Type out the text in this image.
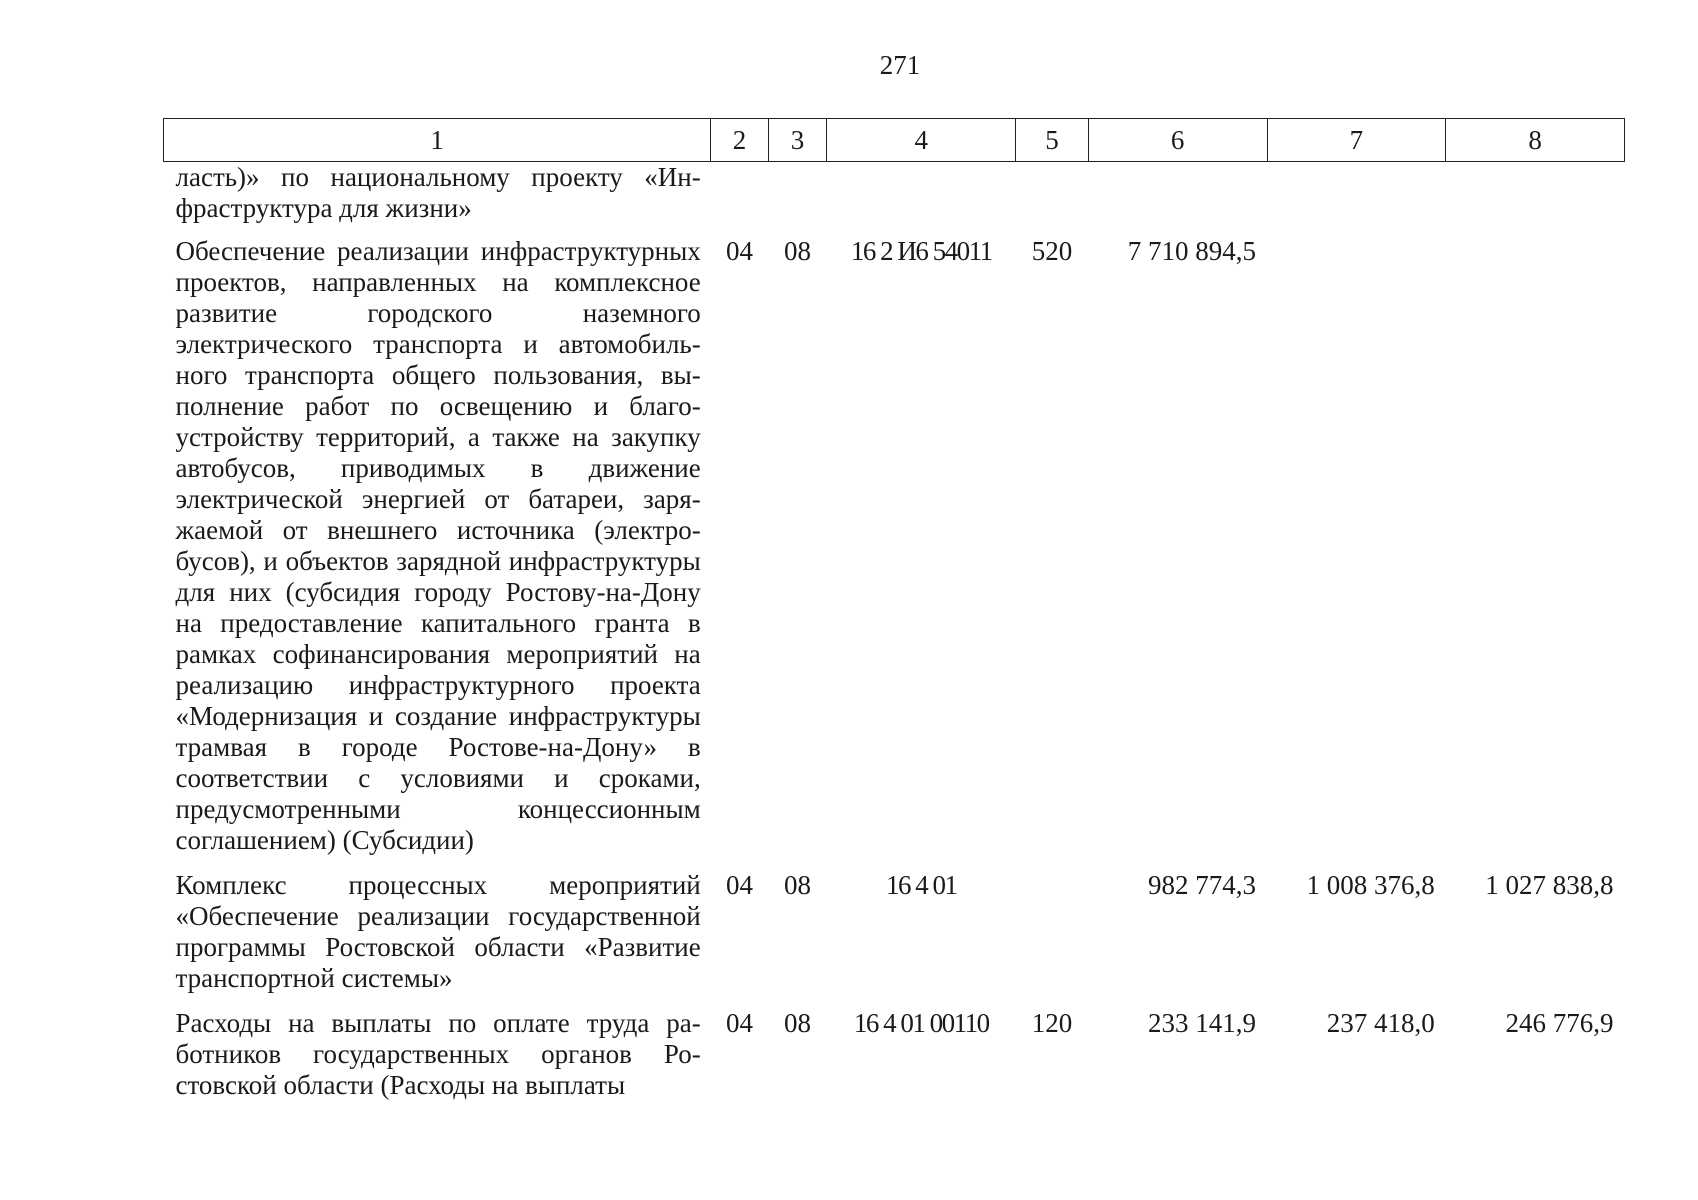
271
1	2	3	4	5	6	7	8
ласть)» по национальному проекту «Инфраструктура для жизни»							
Обеспечение реализации инфраструктурных проектов, направленных на комплексное развитие городского наземного электрического транспорта и автомобильного транспорта общего пользования, выполнение работ по освещению и благоустройству территорий, а также на закупку автобусов, приводимых в движение электрической энергией от батареи, заряжаемой от внешнего источника (электробусов), и объектов зарядной инфраструктуры для них (субсидия городу Ростову-на-Дону на предоставление капитального гранта в рамках софинансирования мероприятий на реализацию инфраструктурного проекта «Модернизация и создание инфраструктуры трамвая в городе Ростове-на-Дону» в соответствии с условиями и сроками, предусмотренными концессионным соглашением) (Субсидии)	04	08	16 2 И6 54011	520	7 710 894,5		
Комплекс процессных мероприятий «Обеспечение реализации государственной программы Ростовской области «Развитие транспортной системы»	04	08	16 4 01		982 774,3	1 008 376,8	1 027 838,8
Расходы на выплаты по оплате труда работников государственных органов Ростовской области (Расходы на выплаты	04	08	16 4 01 00110	120	233 141,9	237 418,0	246 776,9
